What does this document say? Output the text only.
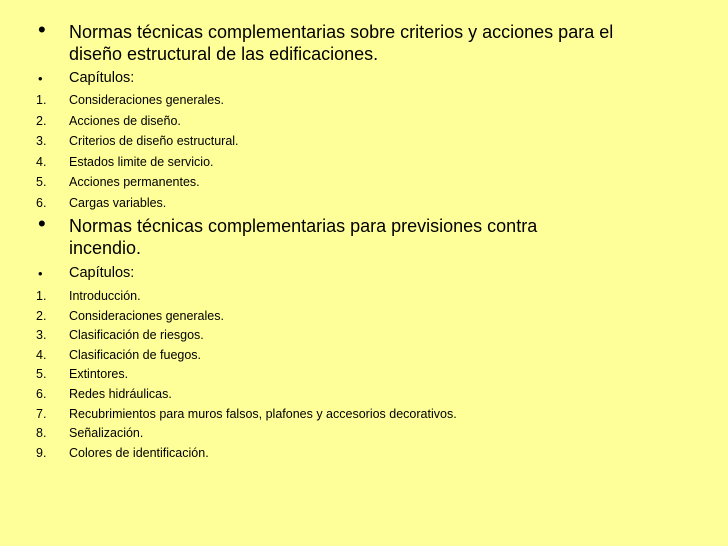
• Normas técnicas complementarias sobre criterios y acciones para el
diseño estructural de las edificaciones.
• Capítulos:
1. Consideraciones generales.
2. Acciones de diseño.
3. Criterios de diseño estructural.
4. Estados limite de servicio.
5. Acciones permanentes.
6. Cargas variables.
• Normas técnicas complementarias para previsiones contra
incendio.
• Capítulos:
1. Introducción.
2. Consideraciones generales.
3. Clasificación de riesgos.
4. Clasificación de fuegos.
5. Extintores.
6. Redes hidráulicas.
7. Recubrimientos para muros falsos, plafones y accesorios decorativos.
8. Señalización.
9. Colores de identificación.
